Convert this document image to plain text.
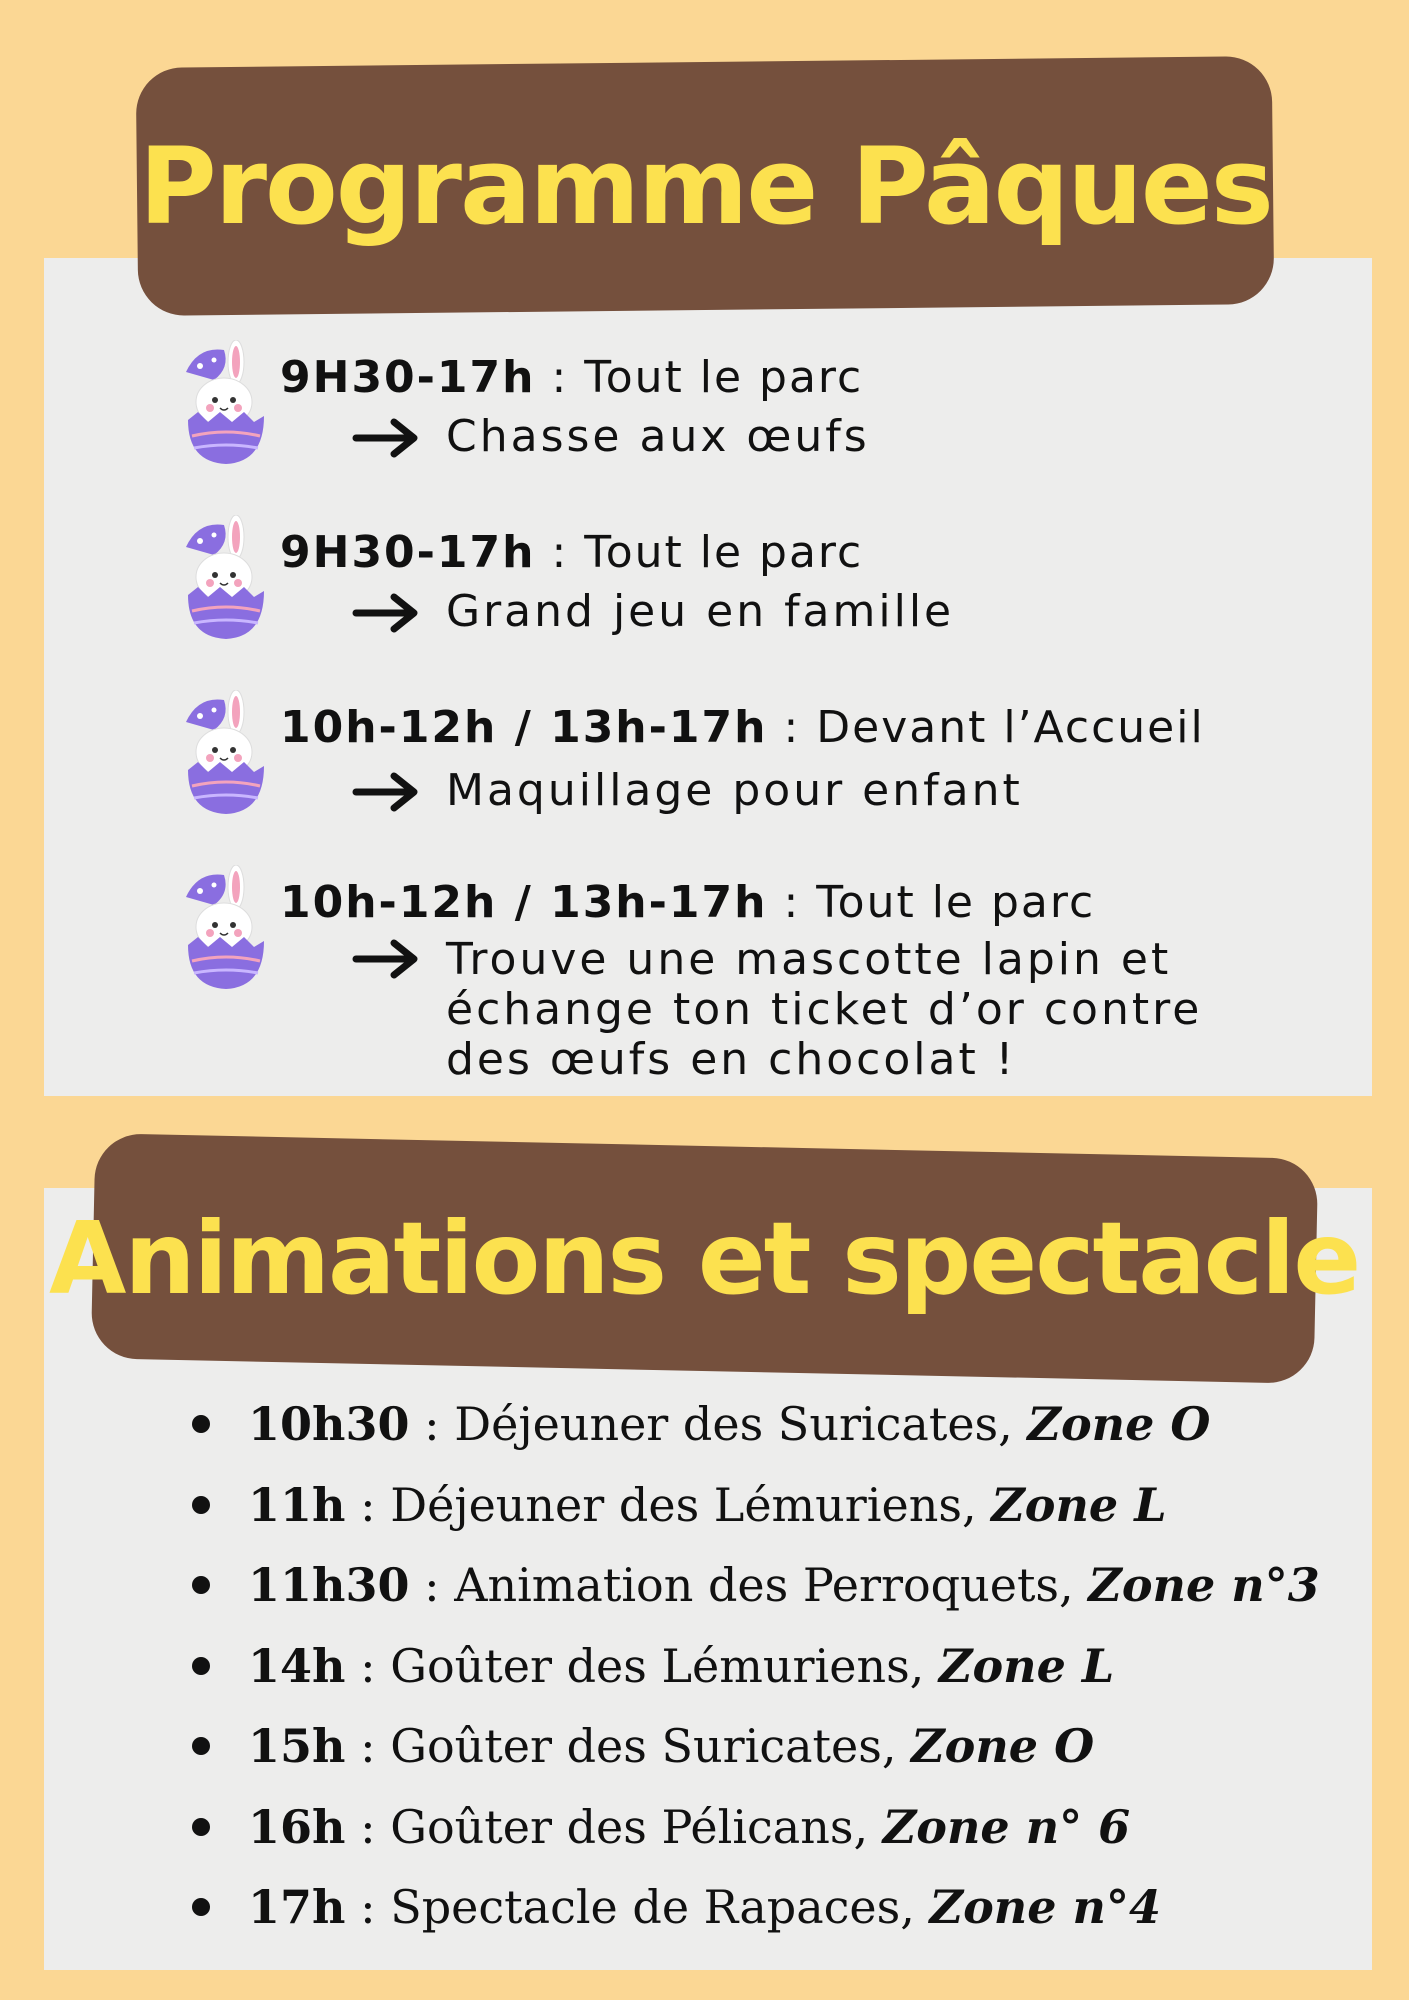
Programme Pâques
9H30-17h : Tout le parc
Chasse aux œufs
9H30-17h : Tout le parc
Grand jeu en famille
10h-12h / 13h-17h : Devant l’Accueil
Maquillage pour enfant
10h-12h / 13h-17h : Tout le parc
Trouve une mascotte lapin et
échange ton ticket d’or contre
des œufs en chocolat !
Animations et spectacle
10h30 : Déjeuner des Suricates, Zone O
11h : Déjeuner des Lémuriens, Zone L
11h30 : Animation des Perroquets, Zone n°3
14h : Goûter des Lémuriens, Zone L
15h : Goûter des Suricates, Zone O
16h : Goûter des Pélicans, Zone n° 6
17h : Spectacle de Rapaces, Zone n°4
